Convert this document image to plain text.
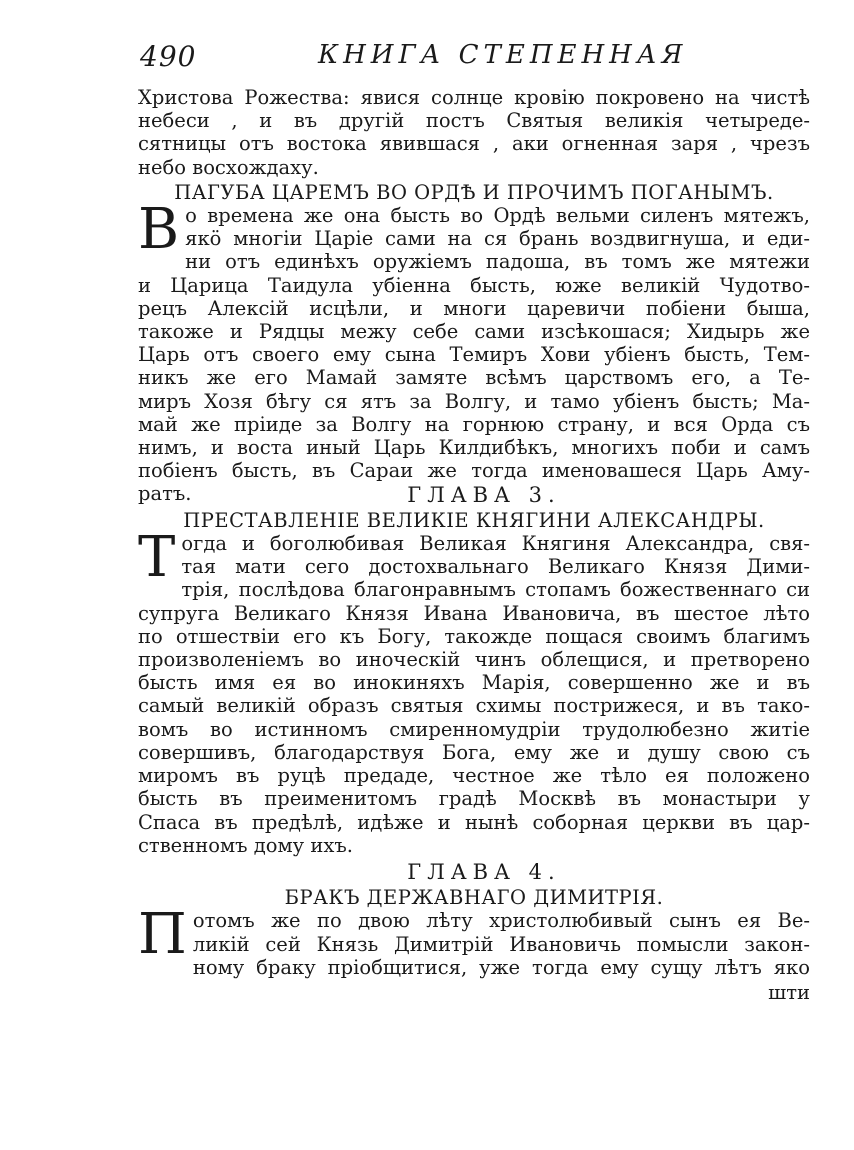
490	КНИГА СТЕПЕННАЯ
Христова Рожества: явися солнце кровію покровено на чистѣ
небеси , и въ другій постъ Святыя великія четыреде-
сятницы отъ востока явившася , аки огненная заря , чрезъ
небо восхождаху.
ПАГУБА ЦАРЕМЪ ВО ОРДѢ И ПРОЧИМЪ ПОГАНЫМЪ.
В о времена же она бысть во Ордѣ вельми силенъ мятежъ,
якö многіи Царіе сами на ся брань воздвигнуша, и еди-
ни отъ единѣхъ оружіемъ падоша, въ томъ же мятежи
и Царица Таидула убіенна бысть, юже великій Чудотво-
рецъ Алексій исцѣли, и многи царевичи побіени быша,
такоже и Рядцы межу себе сами изсѣкошася; Хидырь же
Царь отъ своего ему сына Темиръ Хови убіенъ бысть, Тем-
никъ же его Мамай замяте всѣмъ царствомъ его, а Те-
миръ Хозя бѣгу ся ятъ за Волгу, и тамо убіенъ бысть; Ма-
май же пріиде за Волгу на горнюю страну, и вся Орда съ
нимъ, и воста иный Царь Килдибѣкъ, многихъ поби и самъ
побіенъ бысть, въ Сараи же тогда именовашеся Царь Аму-
ратъ.	ГЛАВА 3.
ПРЕСТАВЛЕНІЕ ВЕЛИКІЕ КНЯГИНИ АЛЕКСАНДРЫ.
Т огда и боголюбивая Великая Княгиня Александра, свя-
тая мати сего достохвальнаго Великаго Князя Дими-
трія, послѣдова благонравнымъ стопамъ божественнаго си
супруга Великаго Князя Ивана Ивановича, въ шестое лѣто
по отшествіи его къ Богу, такожде пощася своимъ благимъ
произволеніемъ во иноческій чинъ облещися, и претворено
бысть имя ея во инокиняхъ Марія, совершенно же и въ
самый великій образъ святыя схимы пострижеся, и въ тако-
вомъ во истинномъ смиренномудріи трудолюбезно житіе
совершивъ, благодарствуя Бога, ему же и душу свою съ
миромъ въ руцѣ предаде, честное же тѣло ея положено
бысть въ преименитомъ градѣ Москвѣ въ монастыри у
Спаса въ предѣлѣ, идѣже и нынѣ соборная церкви въ цар-
ственномъ дому ихъ.
ГЛАВА 4.
БРАКЪ ДЕРЖАВНАГО ДИМИТРІЯ.
П отомъ же по двою лѣту христолюбивый сынъ ея Ве-
ликій сей Князь Димитрій Ивановичь помысли закон-
ному браку пріобщитися, уже тогда ему сущу лѣтъ яко
шти
